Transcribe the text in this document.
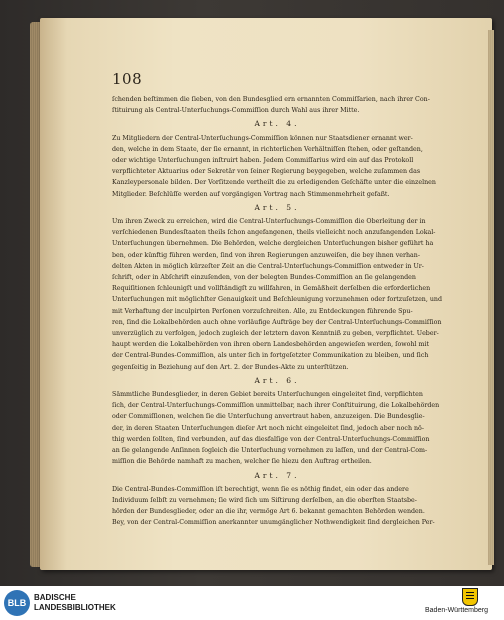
108
ſchenden beſtimmen die ſieben, von den Bundesglied ern ernannten Commiſſarien, nach ihrer Con-
ſtituirung als Central-Unterſuchungs-Commiſſion durch Wahl aus ihrer Mitte.
Art. 4.
Zu Mitgliedern der Central-Unterſuchungs-Commiſſion können nur Staatsdiener ernannt wer-
den, welche in dem Staate, der ſie ernannt, in richterlichen Verhältniſſen ſtehen, oder geſtanden,
oder wichtige Unterſuchungen inſtruirt haben. Jedem Commiſſarius wird ein auf das Protokoll
verpflichteter Aktuarius oder Sekretär von ſeiner Regierung beygegeben, welche zuſammen das
Kanzleypersonale bilden. Der Vorſitzende vertheilt die zu erledigenden Geſchäfte unter die einzelnen
Mitglieder. Beſchlüſſe werden auf vorgängigen Vortrag nach Stimmenmehrheit gefaßt.
Art. 5.
Um ihren Zweck zu erreichen, wird die Central-Unterſuchungs-Commiſſion die Oberleitung der in
verſchiedenen Bundesſtaaten theils ſchon angefangenen, theils vielleicht noch anzufangenden Lokal-
Unterſuchungen übernehmen. Die Behörden, welche dergleichen Unterſuchungen bisher geführt ha
ben, oder künftig führen werden, ſind von ihren Regierungen anzuweiſen, die bey ihnen verhan-
delten Akten in möglich kürzeſter Zeit an die Central-Unterſuchungs-Commiſſion entweder in Ur-
ſchrift, oder in Abſchrift einzuſenden, von der belegten Bundes-Commiſſion an ſie gelangenden
Requiſitionen ſchleunigſt und vollſtändigſt zu willfahren, in Gemäßheit derſelben die erforderlichen
Unterſuchungen mit möglichſter Genauigkeit und Beſchleunigung vorzunehmen oder fortzuſetzen, und
mit Verhaftung der inculpirten Perſonen vorzuſchreiten. Alle, zu Entdeckungen führende Spu-
ren, ſind die Lokalbehörden auch ohne vorläufige Aufträge bey der Central-Unterſuchungs-Commiſſion
unverzüglich zu verfolgen, jedoch zugleich der letztern davon Kenntniß zu geben, verpflichtet. Ueber-
haupt werden die Lokalbehörden von ihren obern Landesbehörden angewieſen werden, ſowohl mit
der Central-Bundes-Commiſſion, als unter ſich in fortgeſetzter Communikation zu bleiben, und ſich
gegenſeitig in Beziehung auf den Art. 2. der Bundes-Akte zu unterſtützen.
Art. 6.
Sämmtliche Bundesglieder, in deren Gebiet bereits Unterſuchungen eingeleitet ſind, verpflichten
ſich, der Central-Unterſuchungs-Commiſſion unmittelbar, nach ihrer Conſtituirung, die Lokalbehörden
oder Commiſſionen, welchen ſie die Unterſuchung anvertraut haben, anzuzeigen. Die Bundesglie-
der, in deren Staaten Unterſuchungen dieſer Art noch nicht eingeleitet ſind, jedoch aber noch nö-
thig werden ſollten, ſind verbunden, auf das diesfalſige von der Central-Unterſuchungs-Commiſſion
an ſie gelangende Anſinnen ſogleich die Unterſuchung vornehmen zu laſſen, und der Central-Com-
miſſion die Behörde namhaft zu machen, welcher ſie hiezu den Auftrag ertheilen.
Art. 7.
Die Central-Bundes-Commiſſion iſt berechtigt, wenn ſie es nöthig findet, ein oder das andere
Individuum ſelbſt zu vernehmen; ſie wird ſich um Siſtirung derſelben, an die oberſten Staatsbe-
hörden der Bundesglieder, oder an die ihr, vermöge Art 6. bekannt gemachten Behörden wenden.
Bey, von der Central-Commiſſion anerkannter unumgänglicher Nothwendigkeit ſind dergleichen Per-
BLB
BADISCHE
LANDESBIBLIOTHEK	Baden-Württemberg
